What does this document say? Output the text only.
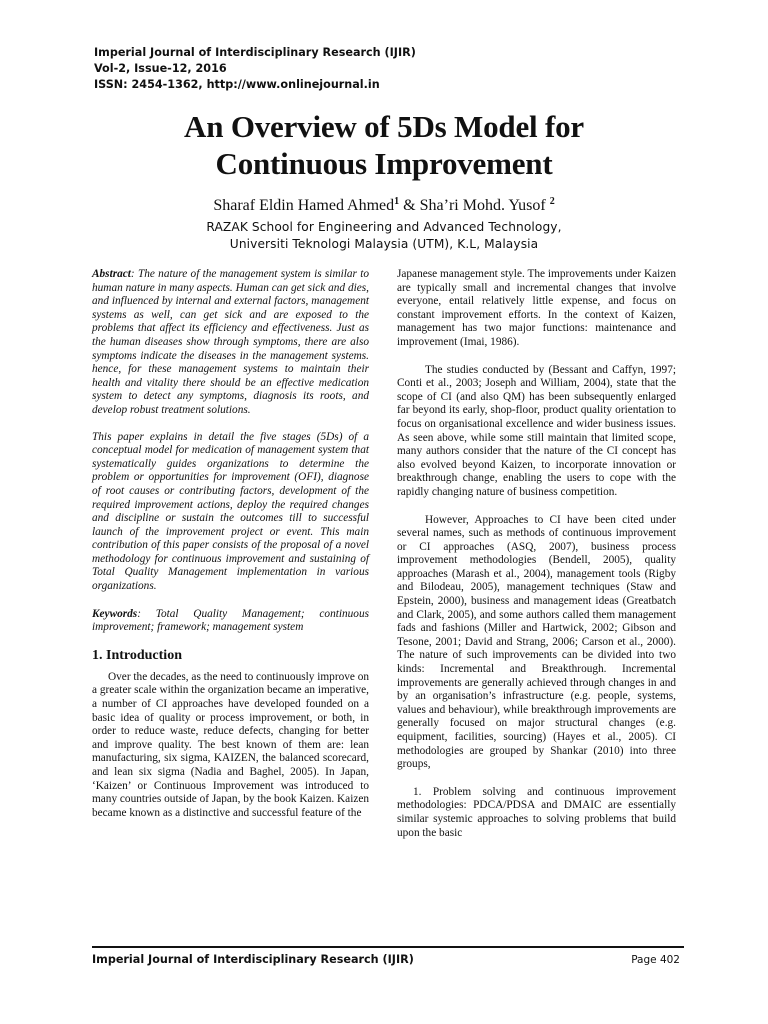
Imperial Journal of Interdisciplinary Research (IJIR)
Vol-2, Issue-12, 2016
ISSN: 2454-1362, http://www.onlinejournal.in
An Overview of 5Ds Model for
Continuous Improvement
Sharaf Eldin Hamed Ahmed$^1$ & Sha’ri Mohd. Yusof $^2$
RAZAK School for Engineering and Advanced Technology,
Universiti Teknologi Malaysia (UTM), K.L, Malaysia

Abstract: The nature of the management system is similar to human nature in many aspects. Human can get sick and dies, and influenced by internal and external factors, management systems as well, can get sick and are exposed to the problems that affect its efficiency and effectiveness. Just as the human diseases show through symptoms, there are also symptoms indicate the diseases in the management systems. hence, for these management systems to maintain their health and vitality there should be an effective medication system to detect any symptoms, diagnosis its roots, and develop robust treatment solutions.

This paper explains in detail the five stages (5Ds) of a conceptual model for medication of management system that systematically guides organizations to determine the problem or opportunities for improvement (OFI), diagnose of root causes or contributing factors, development of the required improvement actions, deploy the required changes and discipline or sustain the outcomes till to successful launch of the improvement project or event. This main contribution of this paper consists of the proposal of a novel methodology for continuous improvement and sustaining of Total Quality Management implementation in various organizations.

Keywords: Total Quality Management; continuous improvement; framework; management system

1. Introduction

Over the decades, as the need to continuously improve on a greater scale within the organization became an imperative, a number of CI approaches have developed founded on a basic idea of quality or process improvement, or both, in order to reduce waste, reduce defects, changing for better and improve quality. The best known of them are: lean manufacturing, six sigma, KAIZEN, the balanced scorecard, and lean six sigma (Nadia and Baghel, 2005). In Japan, ‘Kaizen’ or Continuous Improvement was introduced to many countries outside of Japan, by the book Kaizen. Kaizen became known as a distinctive and successful feature of the

Japanese management style. The improvements under Kaizen are typically small and incremental changes that involve everyone, entail relatively little expense, and focus on constant improvement efforts. In the context of Kaizen, management has two major functions: maintenance and improvement (Imai, 1986).

The studies conducted by (Bessant and Caffyn, 1997; Conti et al., 2003; Joseph and William, 2004), state that the scope of CI (and also QM) has been subsequently enlarged far beyond its early, shop-floor, product quality orientation to focus on organisational excellence and wider business issues. As seen above, while some still maintain that limited scope, many authors consider that the nature of the CI concept has also evolved beyond Kaizen, to incorporate innovation or breakthrough change, enabling the users to cope with the rapidly changing nature of business competition.

However, Approaches to CI have been cited under several names, such as methods of continuous improvement or CI approaches (ASQ, 2007), business process improvement methodologies (Bendell, 2005), quality approaches (Marash et al., 2004), management tools (Rigby and Bilodeau, 2005), management techniques (Staw and Epstein, 2000), business and management ideas (Greatbatch and Clark, 2005), and some authors called them management fads and fashions (Miller and Hartwick, 2002; Gibson and Tesone, 2001; David and Strang, 2006; Carson et al., 2000). The nature of such improvements can be divided into two kinds: Incremental and Breakthrough. Incremental improvements are generally achieved through changes in and by an organisation’s infrastructure (e.g. people, systems, values and behaviour), while breakthrough improvements are generally focused on major structural changes (e.g. equipment, facilities, sourcing) (Hayes et al., 2005). CI methodologies are grouped by Shankar (2010) into three groups,

1. Problem solving and continuous improvement methodologies: PDCA/PDSA and DMAIC are essentially similar systemic approaches to solving problems that build upon the basic

Imperial Journal of Interdisciplinary Research (IJIR)	Page 402
